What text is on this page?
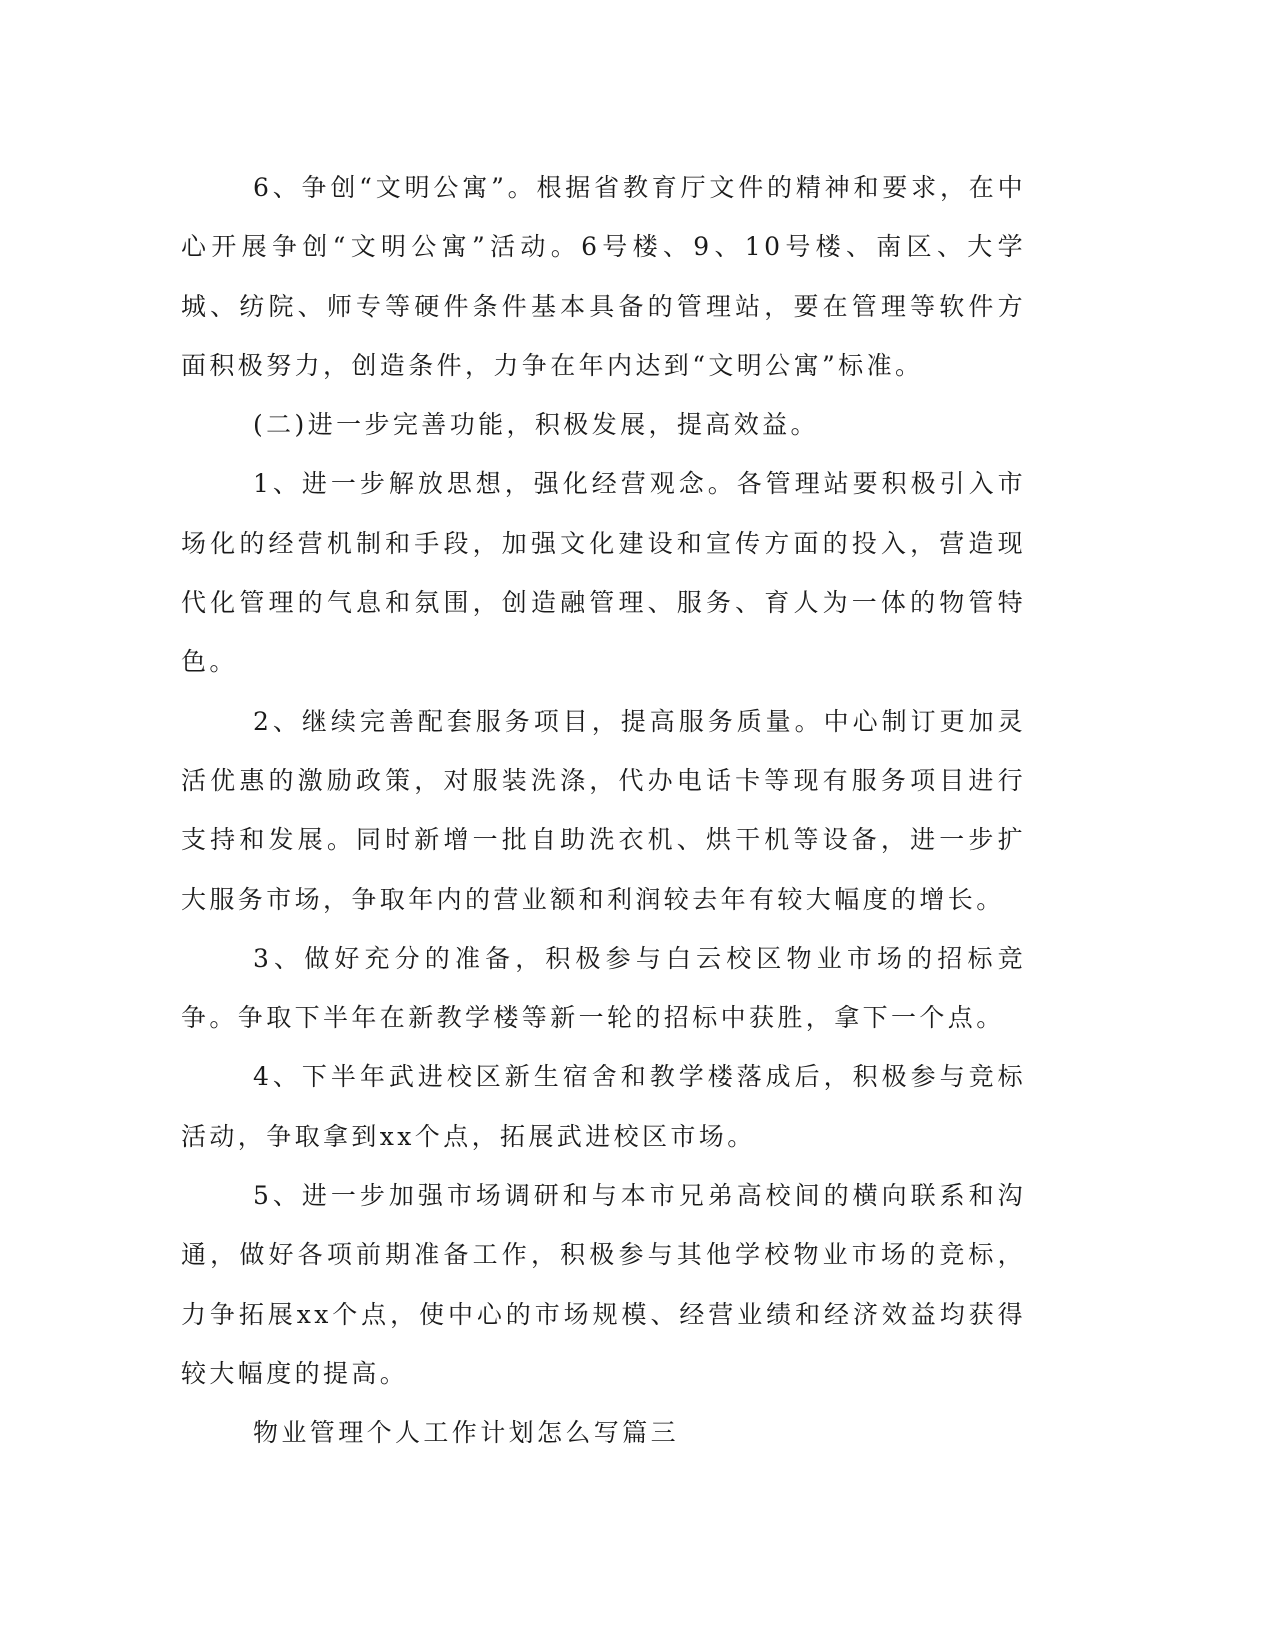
6、争创“文明公寓”。根据省教育厅文件的精神和要求，在中心开展争创“文明公寓”活动。6号楼、9、10号楼、南区、大学城、纺院、师专等硬件条件基本具备的管理站，要在管理等软件方面积极努力，创造条件，力争在年内达到“文明公寓”标准。

(二)进一步完善功能，积极发展，提高效益。

1、进一步解放思想，强化经营观念。各管理站要积极引入市场化的经营机制和手段，加强文化建设和宣传方面的投入，营造现代化管理的气息和氛围，创造融管理、服务、育人为一体的物管特色。

2、继续完善配套服务项目，提高服务质量。中心制订更加灵活优惠的激励政策，对服装洗涤，代办电话卡等现有服务项目进行支持和发展。同时新增一批自助洗衣机、烘干机等设备，进一步扩大服务市场，争取年内的营业额和利润较去年有较大幅度的增长。

3、做好充分的准备，积极参与白云校区物业市场的招标竞争。争取下半年在新教学楼等新一轮的招标中获胜，拿下一个点。

4、下半年武进校区新生宿舍和教学楼落成后，积极参与竞标活动，争取拿到xx个点，拓展武进校区市场。

5、进一步加强市场调研和与本市兄弟高校间的横向联系和沟通，做好各项前期准备工作，积极参与其他学校物业市场的竞标，力争拓展xx个点，使中心的市场规模、经营业绩和经济效益均获得较大幅度的提高。

物业管理个人工作计划怎么写篇三
